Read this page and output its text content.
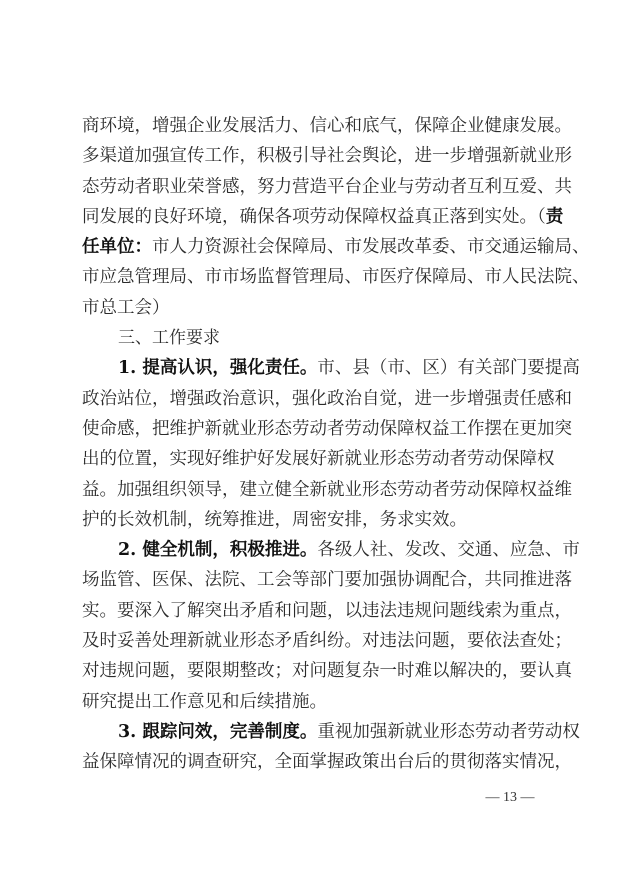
商环境，增强企业发展活力、信心和底气，保障企业健康发展。
多渠道加强宣传工作，积极引导社会舆论，进一步增强新就业形
态劳动者职业荣誉感，努力营造平台企业与劳动者互利互爱、共
同发展的良好环境，确保各项劳动保障权益真正落到实处。（责
任单位：市人力资源社会保障局、市发展改革委、市交通运输局、
市应急管理局、市市场监督管理局、市医疗保障局、市人民法院、
市总工会）
三、工作要求
1. 提高认识，强化责任。市、县（市、区）有关部门要提高
政治站位，增强政治意识，强化政治自觉，进一步增强责任感和
使命感，把维护新就业形态劳动者劳动保障权益工作摆在更加突
出的位置，实现好维护好发展好新就业形态劳动者劳动保障权
益。加强组织领导，建立健全新就业形态劳动者劳动保障权益维
护的长效机制，统筹推进，周密安排，务求实效。
2. 健全机制，积极推进。各级人社、发改、交通、应急、市
场监管、医保、法院、工会等部门要加强协调配合，共同推进落
实。要深入了解突出矛盾和问题，以违法违规问题线索为重点，
及时妥善处理新就业形态矛盾纠纷。对违法问题，要依法查处；
对违规问题，要限期整改；对问题复杂一时难以解决的，要认真
研究提出工作意见和后续措施。
3. 跟踪问效，完善制度。重视加强新就业形态劳动者劳动权
益保障情况的调查研究，全面掌握政策出台后的贯彻落实情况，
— 13 —
